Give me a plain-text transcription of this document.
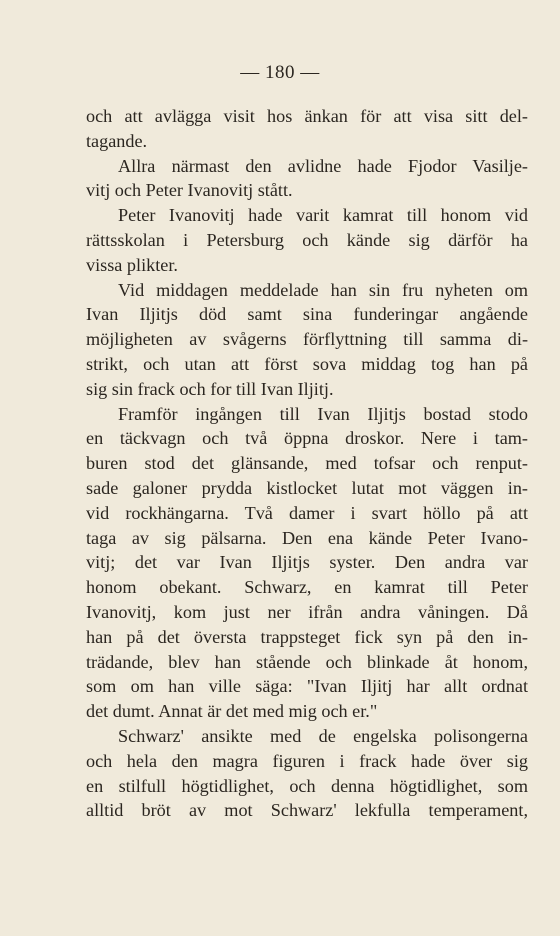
— 180 —
och att avlägga visit hos änkan för att visa sitt del-
tagande.
Allra närmast den avlidne hade Fjodor Vasilje-
vitj och Peter Ivanovitj stått.
Peter Ivanovitj hade varit kamrat till honom vid
rättsskolan i Petersburg och kände sig därför ha
vissa plikter.
Vid middagen meddelade han sin fru nyheten om
Ivan Iljitjs död samt sina funderingar angående
möjligheten av svågerns förflyttning till samma di-
strikt, och utan att först sova middag tog han på
sig sin frack och for till Ivan Iljitj.
Framför ingången till Ivan Iljitjs bostad stodo
en täckvagn och två öppna droskor. Nere i tam-
buren stod det glänsande, med tofsar och renput-
sade galoner prydda kistlocket lutat mot väggen in-
vid rockhängarna. Två damer i svart höllo på att
taga av sig pälsarna. Den ena kände Peter Ivano-
vitj; det var Ivan Iljitjs syster. Den andra var
honom obekant. Schwarz, en kamrat till Peter
Ivanovitj, kom just ner ifrån andra våningen. Då
han på det översta trappsteget fick syn på den in-
trädande, blev han stående och blinkade åt honom,
som om han ville säga: "Ivan Iljitj har allt ordnat
det dumt. Annat är det med mig och er."
Schwarz' ansikte med de engelska polisongerna
och hela den magra figuren i frack hade över sig
en stilfull högtidlighet, och denna högtidlighet, som
alltid bröt av mot Schwarz' lekfulla temperament,
